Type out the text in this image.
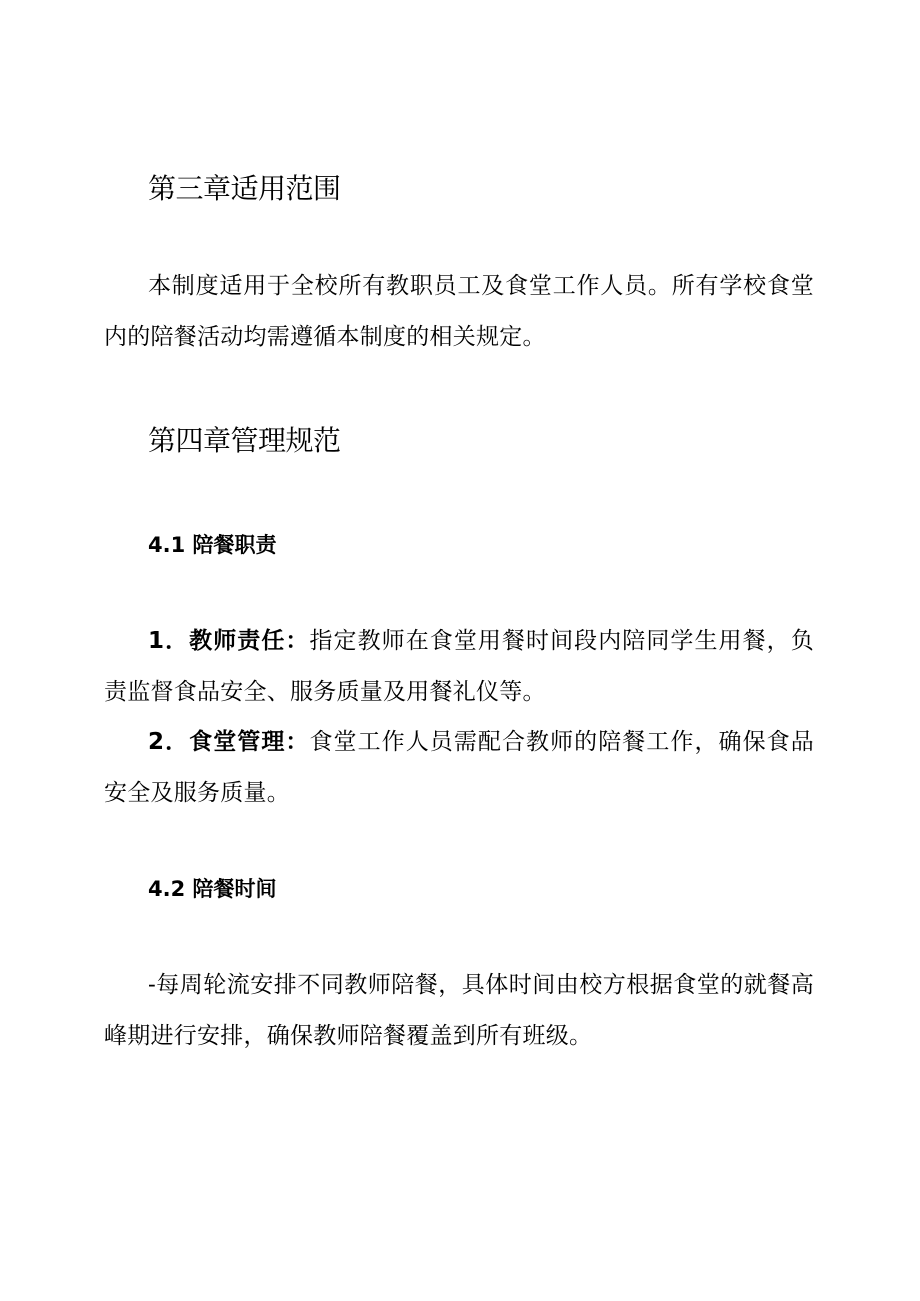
第三章适用范围

本制度适用于全校所有教职员工及食堂工作人员。所有学校食堂内的陪餐活动均需遵循本制度的相关规定。

第四章管理规范
4.1 陪餐职责

1．教师责任：指定教师在食堂用餐时间段内陪同学生用餐，负责监督食品安全、服务质量及用餐礼仪等。

2．食堂管理：食堂工作人员需配合教师的陪餐工作，确保食品安全及服务质量。

4.2 陪餐时间

-每周轮流安排不同教师陪餐，具体时间由校方根据食堂的就餐高峰期进行安排，确保教师陪餐覆盖到所有班级。
